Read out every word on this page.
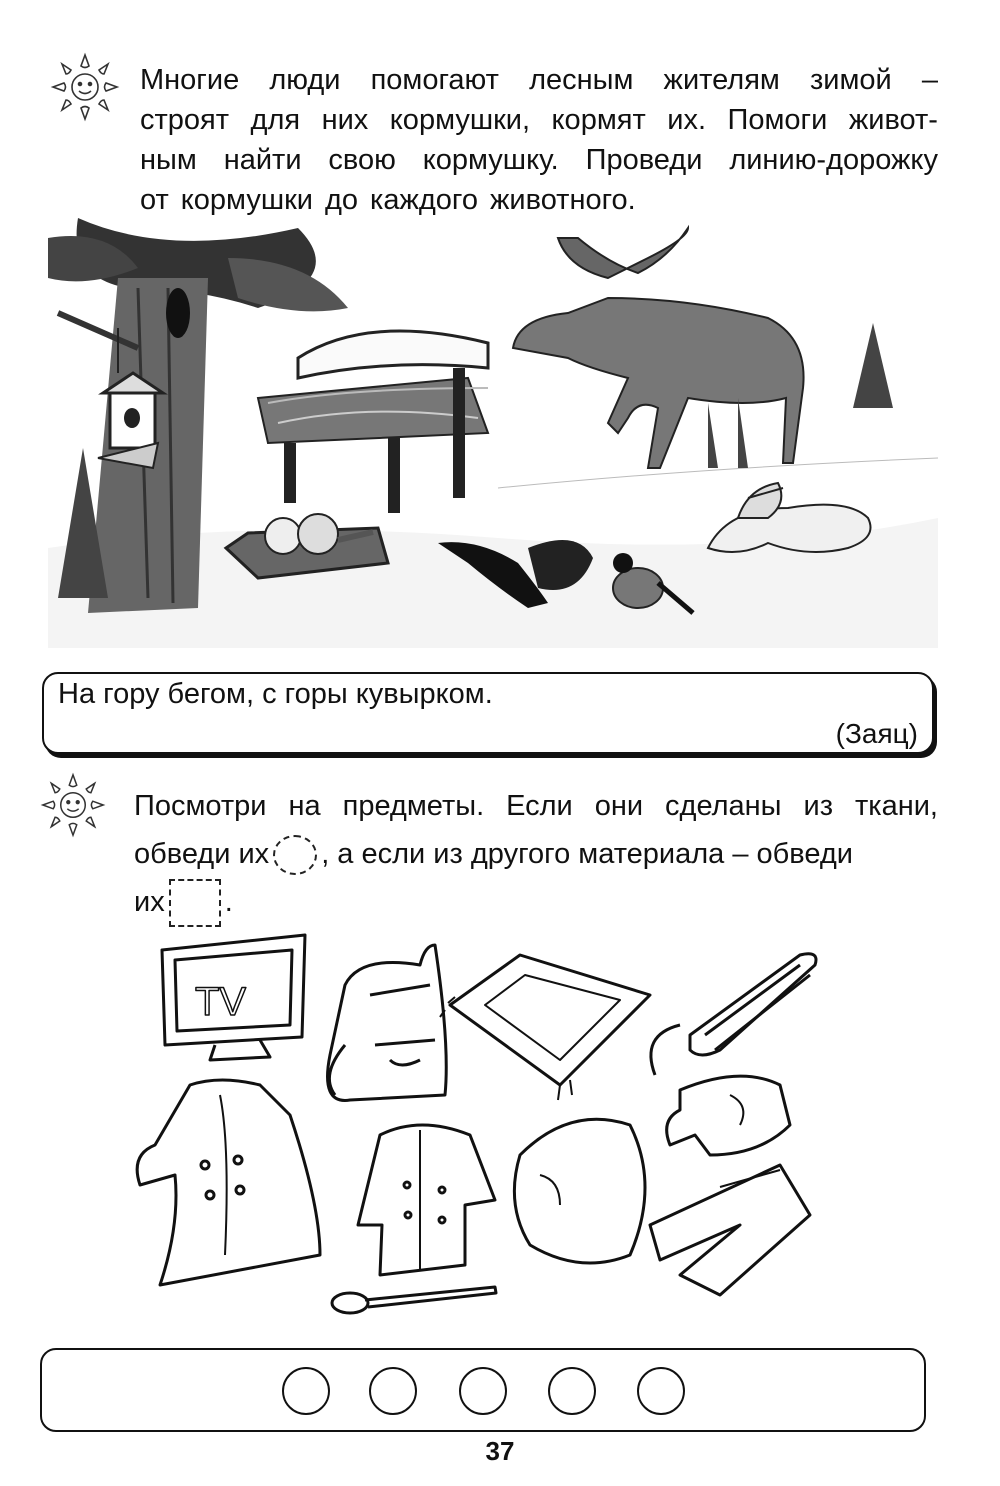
Многие люди помогают лесным жителям зимой –
строят для них кормушки, кормят их. Помоги живот-
ным найти свою кормушку. Проведи линию-дорожку
от кормушки до каждого животного.
На гору бегом, с горы кувырком.
(Заяц)
Посмотри на предметы. Если они сделаны из ткани,
обведи их , а если из другого материала – обведи
их .
TV
37
